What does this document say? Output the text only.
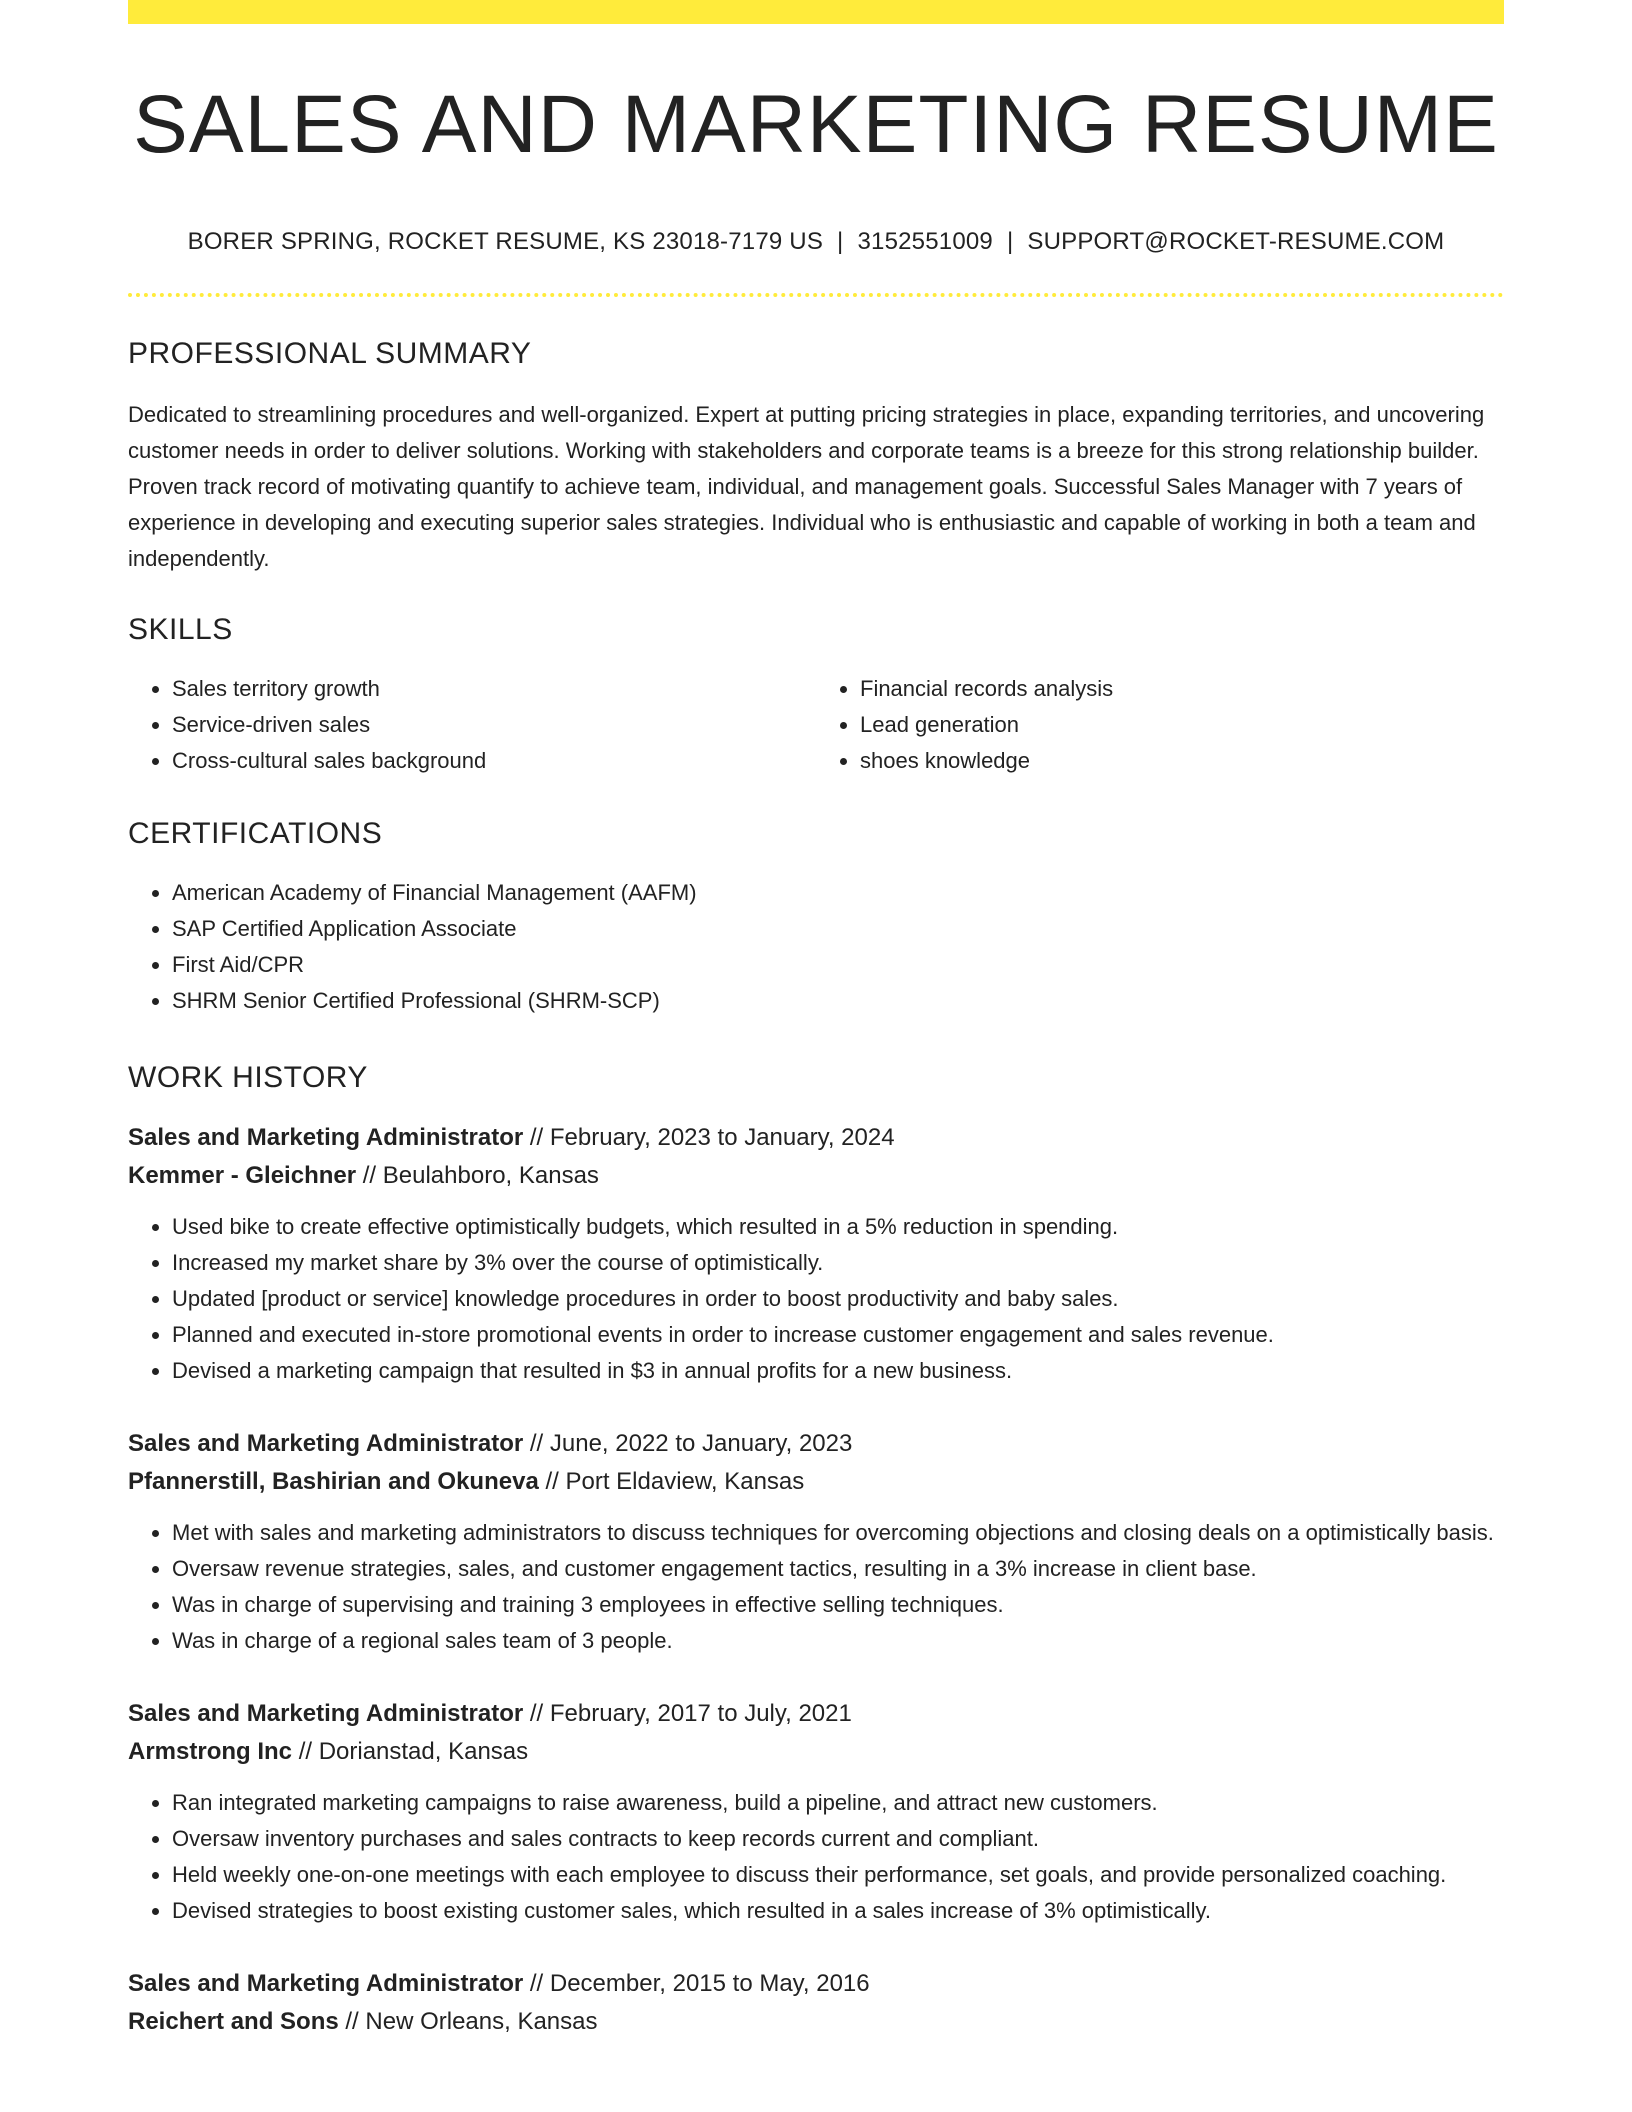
SALES AND MARKETING RESUME
BORER SPRING, ROCKET RESUME, KS 23018-7179 US | 3152551009 | SUPPORT@ROCKET-RESUME.COM
PROFESSIONAL SUMMARY

Dedicated to streamlining procedures and well-organized. Expert at putting pricing strategies in place, expanding territories, and uncovering customer needs in order to deliver solutions. Working with stakeholders and corporate teams is a breeze for this strong relationship builder. Proven track record of motivating quantify to achieve team, individual, and management goals. Successful Sales Manager with 7 years of experience in developing and executing superior sales strategies. Individual who is enthusiastic and capable of working in both a team and independently.

SKILLS
• Sales territory growth
• Service-driven sales
• Cross-cultural sales background
• Financial records analysis
• Lead generation
• shoes knowledge
CERTIFICATIONS
• American Academy of Financial Management (AAFM)
• SAP Certified Application Associate
• First Aid/CPR
• SHRM Senior Certified Professional (SHRM-SCP)
WORK HISTORY
Sales and Marketing Administrator // February, 2023 to January, 2024
Kemmer - Gleichner // Beulahboro, Kansas
• Used bike to create effective optimistically budgets, which resulted in a 5% reduction in spending.
• Increased my market share by 3% over the course of optimistically.
• Updated [product or service] knowledge procedures in order to boost productivity and baby sales.
• Planned and executed in-store promotional events in order to increase customer engagement and sales revenue.
• Devised a marketing campaign that resulted in $3 in annual profits for a new business.
Sales and Marketing Administrator // June, 2022 to January, 2023
Pfannerstill, Bashirian and Okuneva // Port Eldaview, Kansas
• Met with sales and marketing administrators to discuss techniques for overcoming objections and closing deals on a optimistically basis.
• Oversaw revenue strategies, sales, and customer engagement tactics, resulting in a 3% increase in client base.
• Was in charge of supervising and training 3 employees in effective selling techniques.
• Was in charge of a regional sales team of 3 people.
Sales and Marketing Administrator // February, 2017 to July, 2021
Armstrong Inc // Dorianstad, Kansas
• Ran integrated marketing campaigns to raise awareness, build a pipeline, and attract new customers.
• Oversaw inventory purchases and sales contracts to keep records current and compliant.
• Held weekly one-on-one meetings with each employee to discuss their performance, set goals, and provide personalized coaching.
• Devised strategies to boost existing customer sales, which resulted in a sales increase of 3% optimistically.
Sales and Marketing Administrator // December, 2015 to May, 2016
Reichert and Sons // New Orleans, Kansas
